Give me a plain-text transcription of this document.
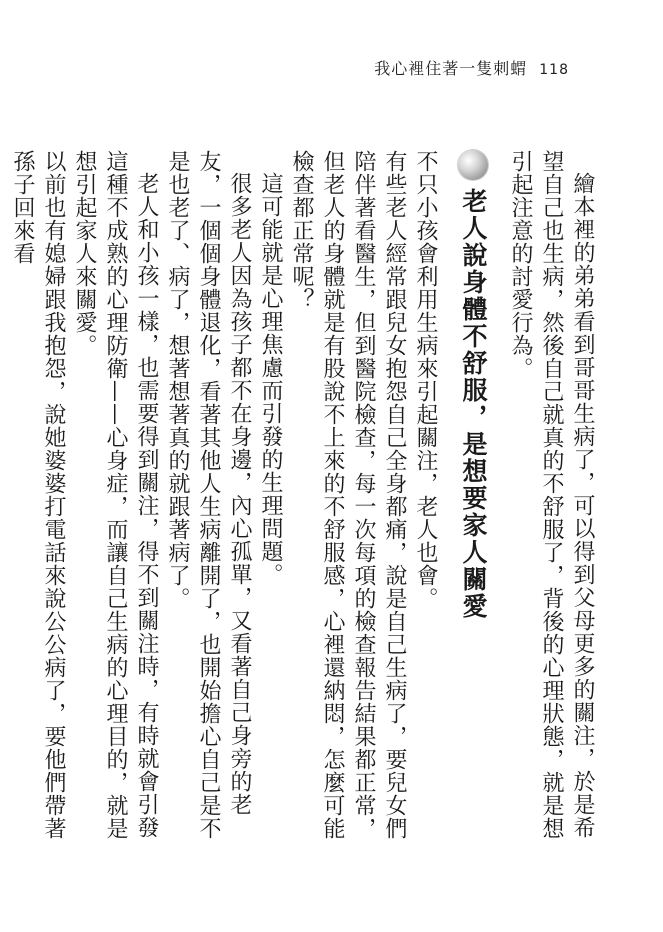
我心裡住著一隻刺蝟 118

繪本裡的弟弟看到哥哥生病了，可以得到父母更多的關注，於是希望自己也生病，然後自己就真的不舒服了，背後的心理狀態，就是想引起注意的討愛行為。

老人說身體不舒服，是想要家人關愛

不只小孩會利用生病來引起關注，老人也會。

有些老人經常跟兒女抱怨自己全身都痛，說是自己生病了，要兒女們陪伴著看醫生，但到醫院檢查，每一次每項的檢查報告結果都正常，但老人的身體就是有股說不上來的不舒服感，心裡還納悶，怎麼可能檢查都正常呢？

這可能就是心理焦慮而引發的生理問題。

很多老人因為孩子都不在身邊，內心孤單，又看著自己身旁的老友，一個個身體退化，看著其他人生病離開了，也開始擔心自己是不是也老了、病了，想著想著真的就跟著病了。

老人和小孩一樣，也需要得到關注，得不到關注時，有時就會引發這種不成熟的心理防衛——心身症，而讓自己生病的心理目的，就是想引起家人來關愛。

以前也有媳婦跟我抱怨，說她婆婆打電話來說公公病了，要他們帶著孫子回來看
